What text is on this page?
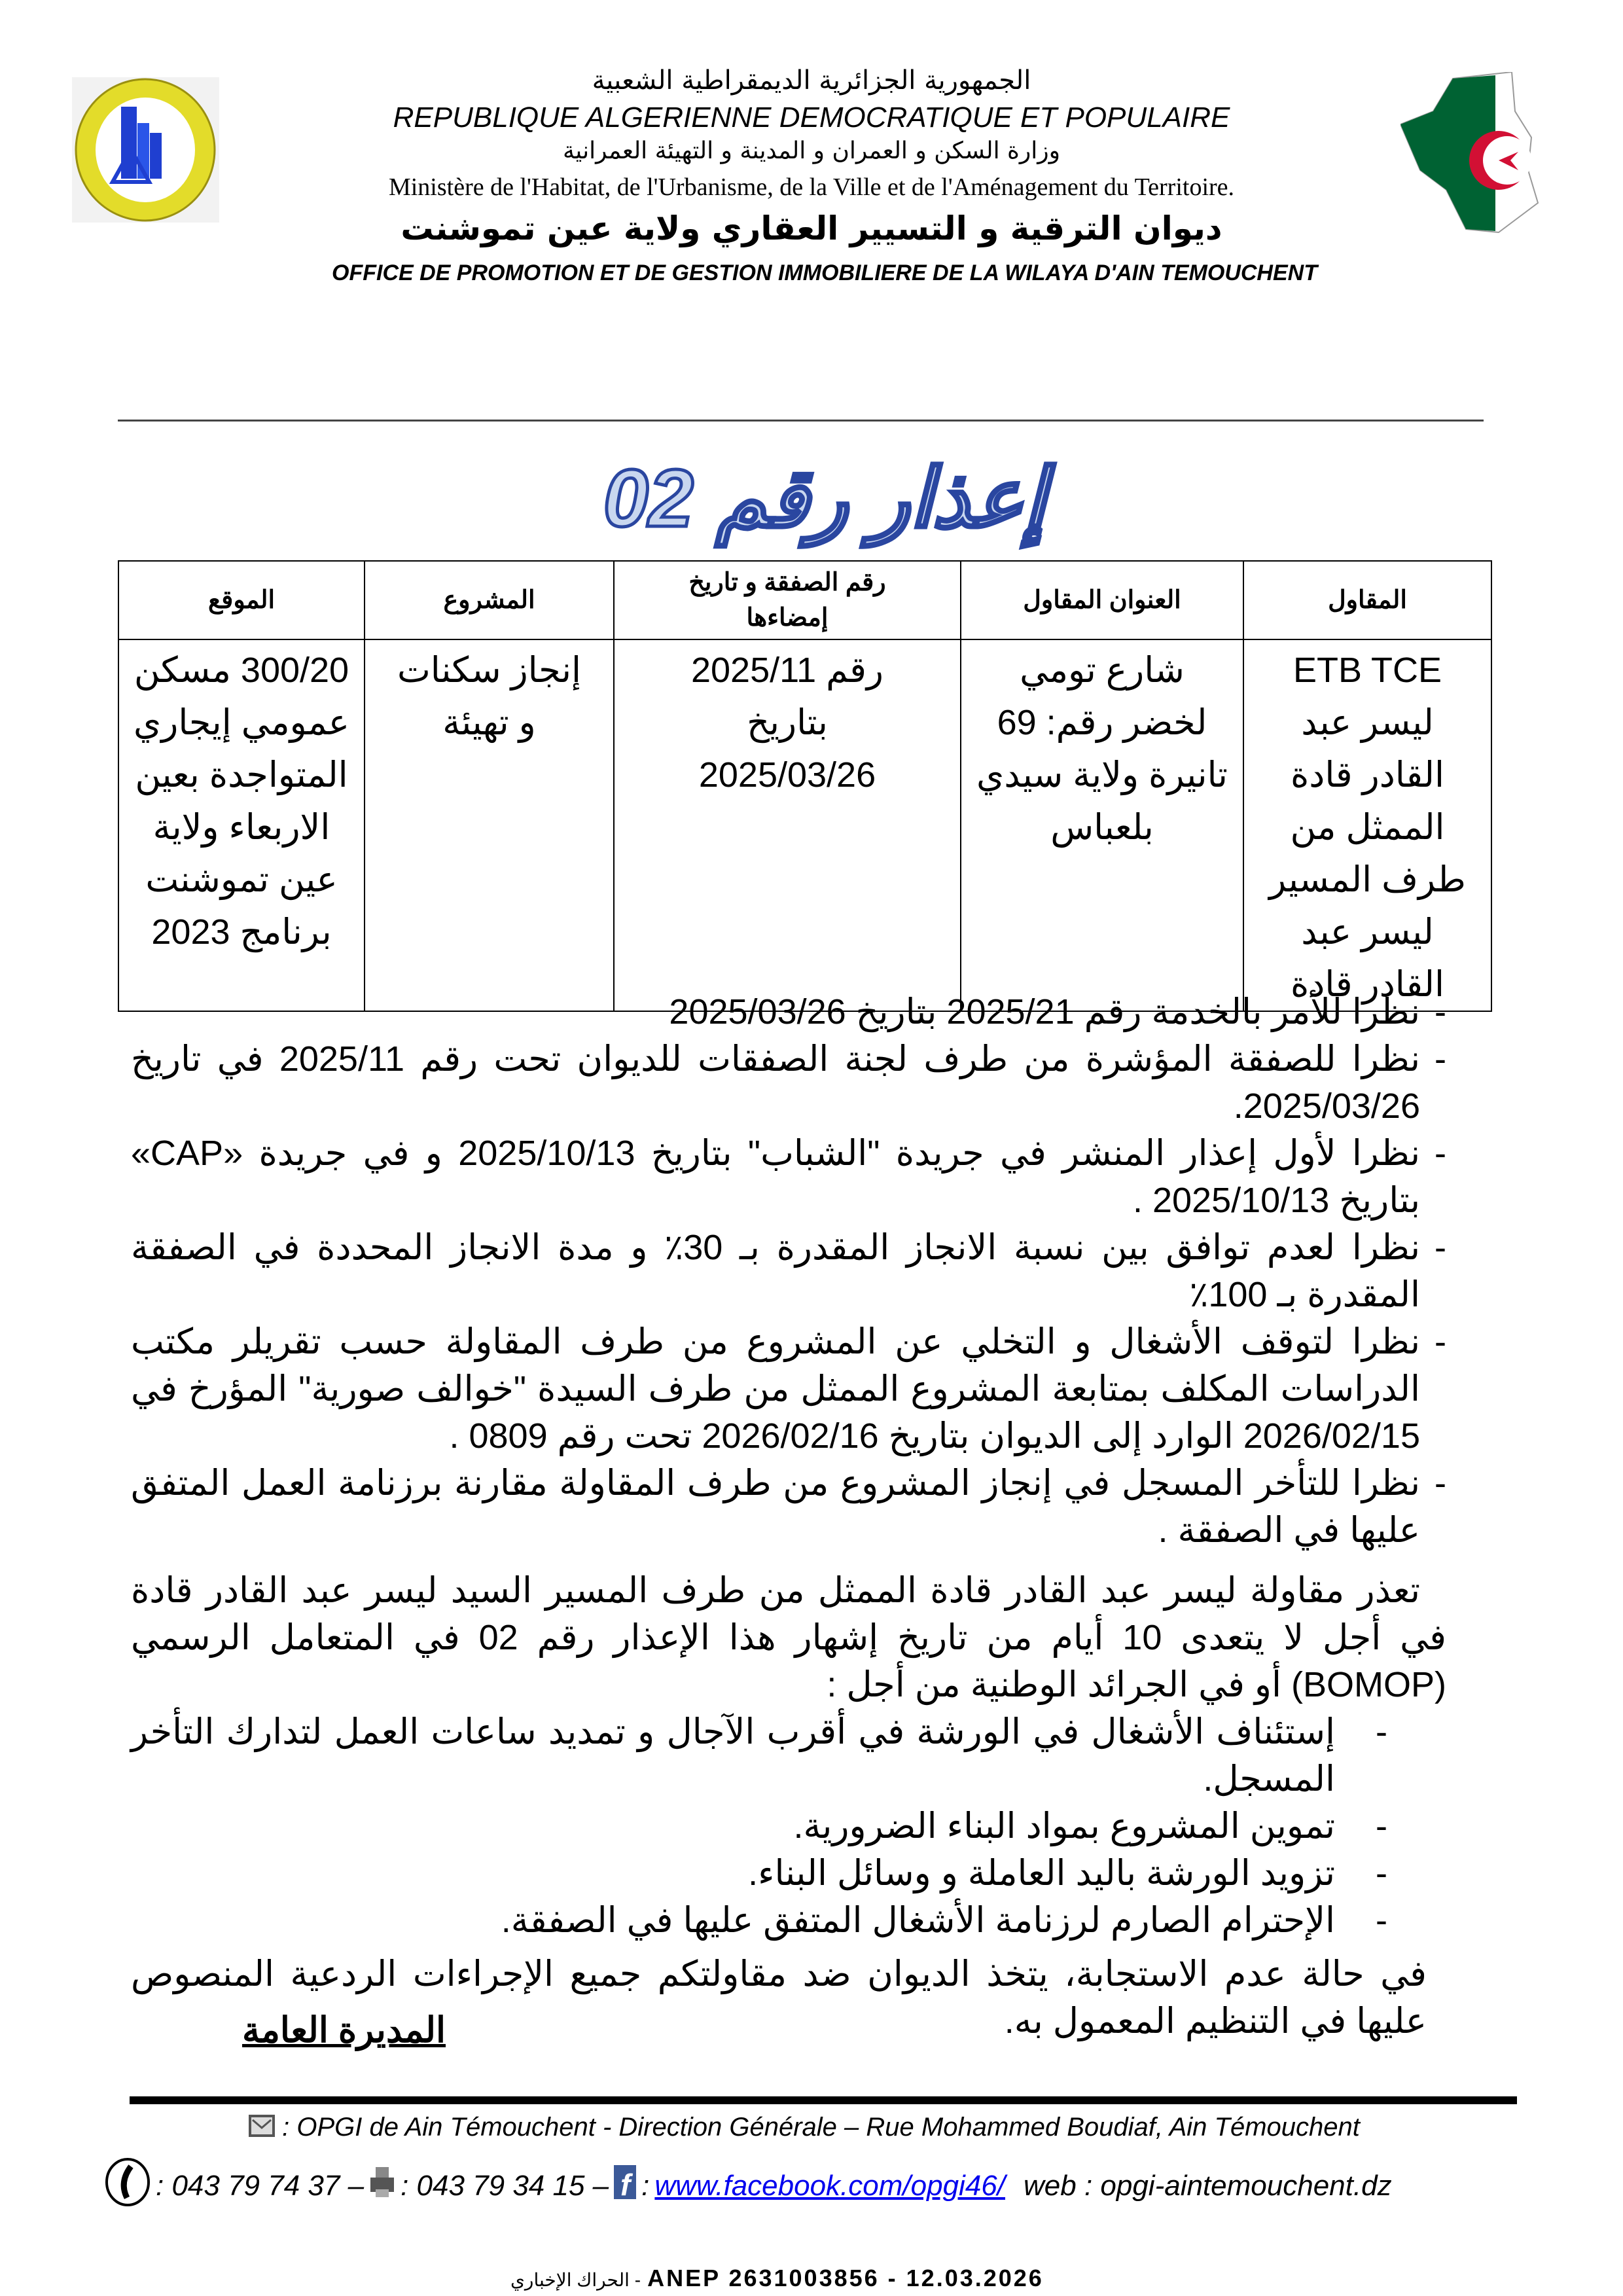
الجمهورية الجزائرية الديمقراطية الشعبية
REPUBLIQUE ALGERIENNE DEMOCRATIQUE ET POPULAIRE
وزارة السكن و العمران و المدينة و التهيئة العمرانية
Ministère de l'Habitat, de l'Urbanisme, de la Ville et de l'Aménagement du Territoire.
ديوان الترقية و التسيير العقاري ولاية عين تموشنت
OFFICE DE PROMOTION ET DE GESTION IMMOBILIERE DE LA WILAYA D'AIN TEMOUCHENT
إعذار رقم 02
المقاول	العنوان المقاول	رقم الصفقة و تاريخ إمضاءها	المشروع	الموقع
ETB TCE ليسر عبد القادر قادة الممثل من طرف المسير ليسر عبد القادر قادة	شارع تومي لخضر رقم: 69 تانيرة ولاية سيدي بلعباس	رقم 2025/11 بتاريخ 2025/03/26	إنجاز سكنات و تهيئة	300/20 مسكن عمومي إيجاري المتواجدة بعين الاربعاء ولاية عين تموشنت برنامج 2023
- نظرا للأمر بالخدمة رقم 2025/21 بتاريخ 2025/03/26
- نظرا للصفقة المؤشرة من طرف لجنة الصفقات للديوان تحت رقم 2025/11 في تاريخ 2025/03/26.
- نظرا لأول إعذار المنشر في جريدة "الشباب" بتاريخ 2025/10/13 و في جريدة «CAP» بتاريخ 2025/10/13 .
- نظرا لعدم توافق بين نسبة الانجاز المقدرة بـ 30٪ و مدة الانجاز المحددة في الصفقة المقدرة بـ 100٪
- نظرا لتوقف الأشغال و التخلي عن المشروع من طرف المقاولة حسب تقريلر مكتب الدراسات المكلف بمتابعة المشروع الممثل من طرف السيدة "خوالف صورية" المؤرخ في 2026/02/15 الوارد إلى الديوان بتاريخ 2026/02/16 تحت رقم 0809 .
- نظرا للتأخر المسجل في إنجاز المشروع من طرف المقاولة مقارنة برزنامة العمل المتفق عليها في الصفقة .
تعذر مقاولة ليسر عبد القادر قادة الممثل من طرف المسير السيد ليسر عبد القادر قادة في أجل لا يتعدى 10 أيام من تاريخ إشهار هذا الإعذار رقم 02 في المتعامل الرسمي (BOMOP) أو في الجرائد الوطنية من أجل :
- إستئناف الأشغال في الورشة في أقرب الآجال و تمديد ساعات العمل لتدارك التأخر المسجل.
- تموين المشروع بمواد البناء الضرورية.
- تزويد الورشة باليد العاملة و وسائل البناء.
- الإحترام الصارم لرزنامة الأشغال المتفق عليها في الصفقة.
في حالة عدم الاستجابة، يتخذ الديوان ضد مقاولتكم جميع الإجراءات الردعية المنصوص عليها في التنظيم المعمول به.
المديرة العامة
: OPGI de Ain Témouchent - Direction Générale – Rue Mohammed Boudiaf, Ain Témouchent
: 043 79 74 37 – : 043 79 34 15 – f : www.facebook.com/opgi46/ web : opgi-aintemouchent.dz
الحراك الإخباري - ANEP 2631003856 - 12.03.2026
